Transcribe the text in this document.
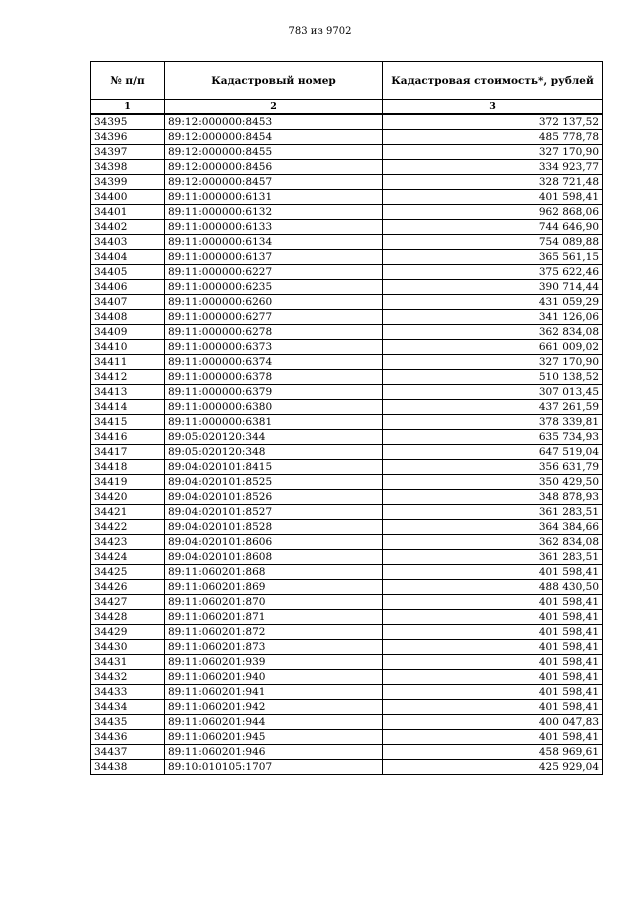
783 из 9702
№ п/п	Кадастровый номер	Кадастровая стоимость*, рублей
1	2	3
34395	89:12:000000:8453	372 137,52
34396	89:12:000000:8454	485 778,78
34397	89:12:000000:8455	327 170,90
34398	89:12:000000:8456	334 923,77
34399	89:12:000000:8457	328 721,48
34400	89:11:000000:6131	401 598,41
34401	89:11:000000:6132	962 868,06
34402	89:11:000000:6133	744 646,90
34403	89:11:000000:6134	754 089,88
34404	89:11:000000:6137	365 561,15
34405	89:11:000000:6227	375 622,46
34406	89:11:000000:6235	390 714,44
34407	89:11:000000:6260	431 059,29
34408	89:11:000000:6277	341 126,06
34409	89:11:000000:6278	362 834,08
34410	89:11:000000:6373	661 009,02
34411	89:11:000000:6374	327 170,90
34412	89:11:000000:6378	510 138,52
34413	89:11:000000:6379	307 013,45
34414	89:11:000000:6380	437 261,59
34415	89:11:000000:6381	378 339,81
34416	89:05:020120:344	635 734,93
34417	89:05:020120:348	647 519,04
34418	89:04:020101:8415	356 631,79
34419	89:04:020101:8525	350 429,50
34420	89:04:020101:8526	348 878,93
34421	89:04:020101:8527	361 283,51
34422	89:04:020101:8528	364 384,66
34423	89:04:020101:8606	362 834,08
34424	89:04:020101:8608	361 283,51
34425	89:11:060201:868	401 598,41
34426	89:11:060201:869	488 430,50
34427	89:11:060201:870	401 598,41
34428	89:11:060201:871	401 598,41
34429	89:11:060201:872	401 598,41
34430	89:11:060201:873	401 598,41
34431	89:11:060201:939	401 598,41
34432	89:11:060201:940	401 598,41
34433	89:11:060201:941	401 598,41
34434	89:11:060201:942	401 598,41
34435	89:11:060201:944	400 047,83
34436	89:11:060201:945	401 598,41
34437	89:11:060201:946	458 969,61
34438	89:10:010105:1707	425 929,04
